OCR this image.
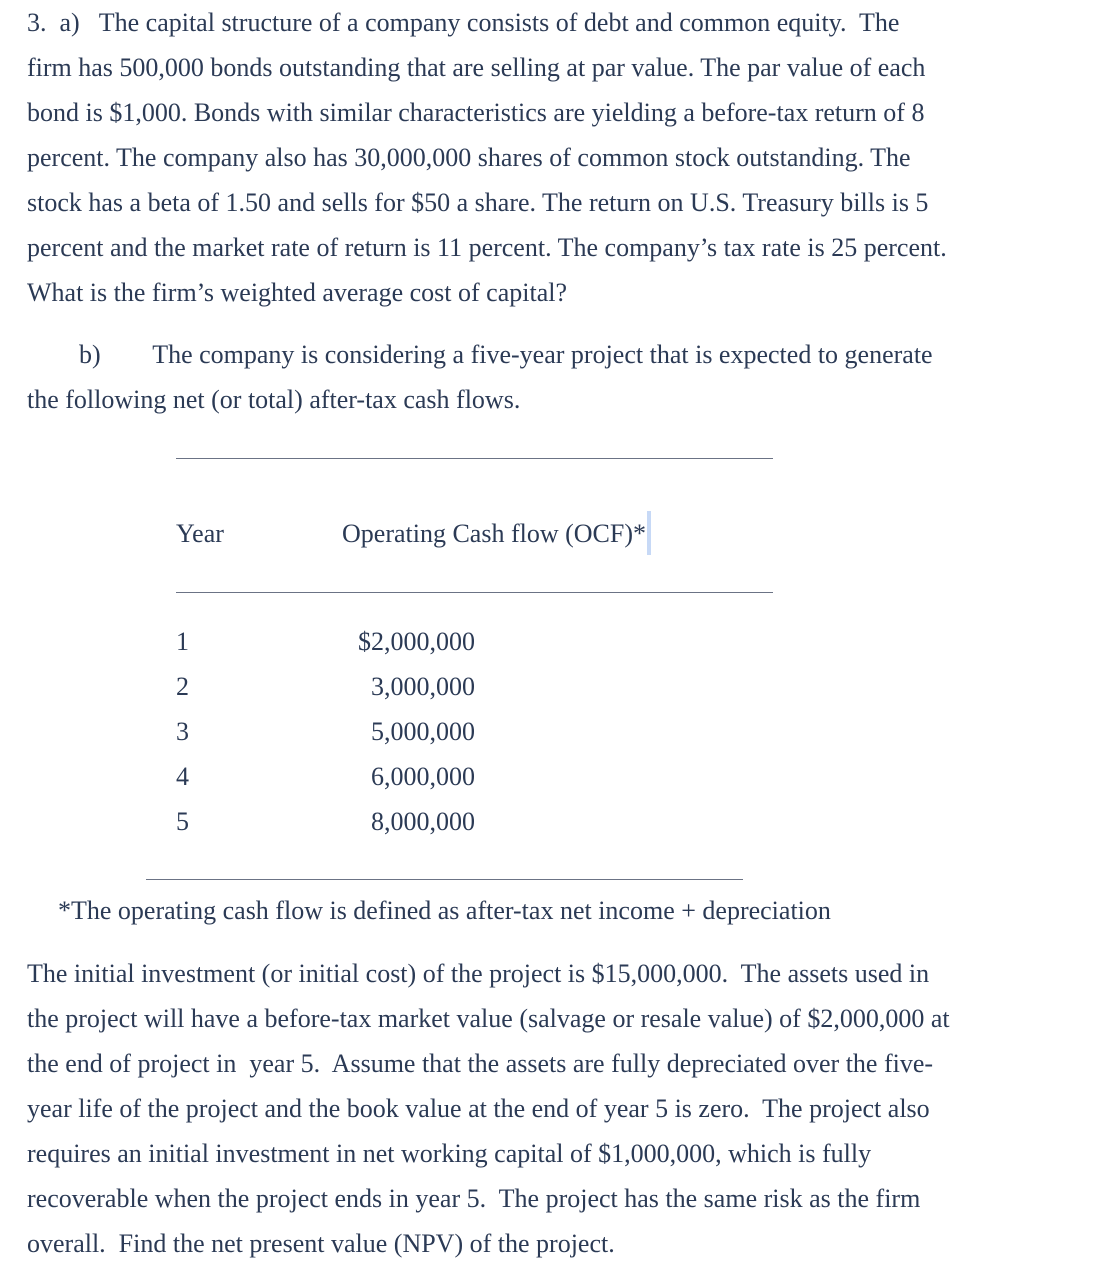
3.  a)   The capital structure of a company consists of debt and common equity.  The
firm has 500,000 bonds outstanding that are selling at par value. The par value of each
bond is $1,000. Bonds with similar characteristics are yielding a before-tax return of 8
percent. The company also has 30,000,000 shares of common stock outstanding. The
stock has a beta of 1.50 and sells for $50 a share. The return on U.S. Treasury bills is 5
percent and the market rate of return is 11 percent. The company’s tax rate is 25 percent.
What is the firm’s weighted average cost of capital?
b)        The company is considering a five-year project that is expected to generate
the following net (or total) after-tax cash flows.
Year	Operating Cash flow (OCF)*
1	$2,000,000
2	3,000,000
3	5,000,000
4	6,000,000
5	8,000,000
*The operating cash flow is defined as after-tax net income + depreciation
The initial investment (or initial cost) of the project is $15,000,000.  The assets used in
the project will have a before-tax market value (salvage or resale value) of $2,000,000 at
the end of project in  year 5.  Assume that the assets are fully depreciated over the five-
year life of the project and the book value at the end of year 5 is zero.  The project also
requires an initial investment in net working capital of $1,000,000, which is fully
recoverable when the project ends in year 5.  The project has the same risk as the firm
overall.  Find the net present value (NPV) of the project.
